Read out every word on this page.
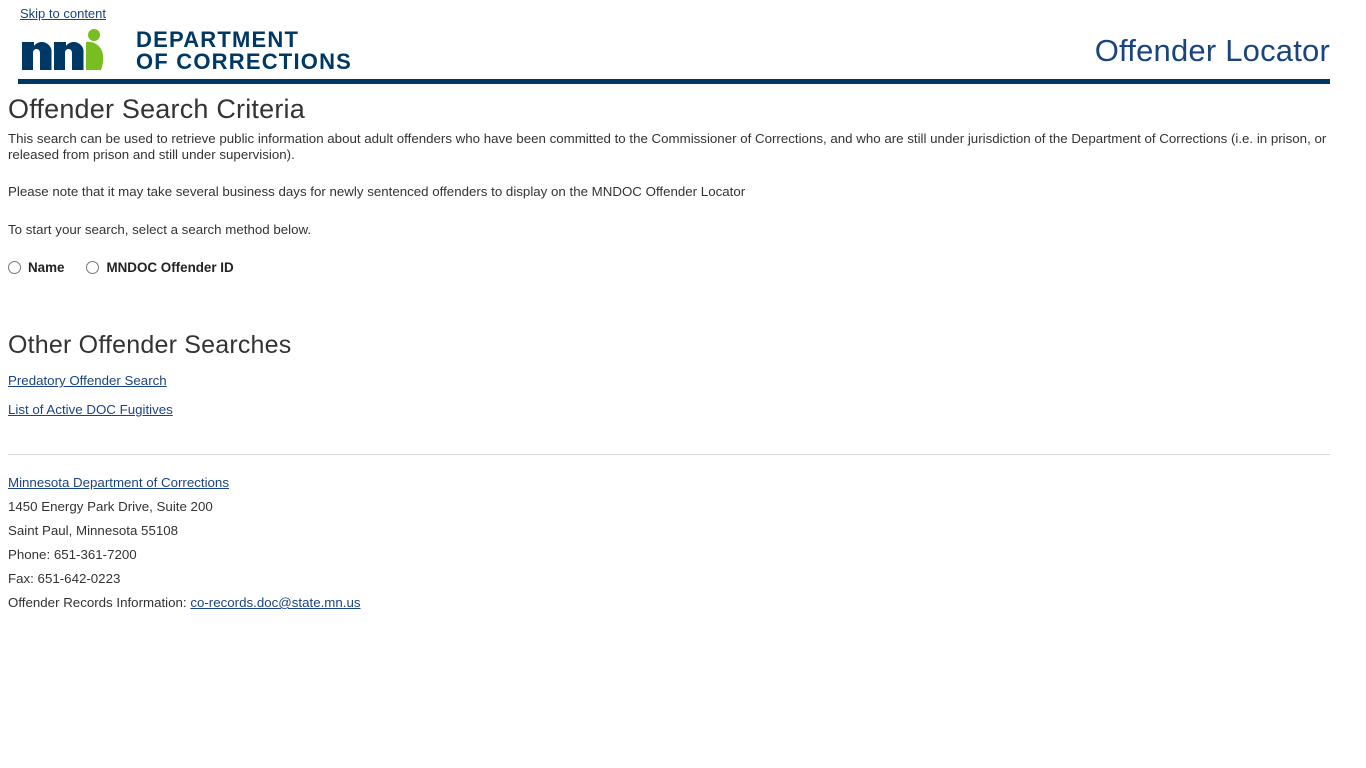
Skip to content
DEPARTMENT
OF CORRECTIONS	Offender Locator
Offender Search Criteria

This search can be used to retrieve public information about adult offenders who have been committed to the Commissioner of Corrections, and who are still under jurisdiction of the Department of Corrections (i.e. in prison, or released from prison and still under supervision).

Please note that it may take several business days for newly sentenced offenders to display on the MNDOC Offender Locator

To start your search, select a search method below.

Name	MNDOC Offender ID
Other Offender Searches
Predatory Offender Search
List of Active DOC Fugitives
Minnesota Department of Corrections
1450 Energy Park Drive, Suite 200
Saint Paul, Minnesota 55108
Phone: 651-361-7200
Fax: 651-642-0223
Offender Records Information: co-records.doc@state.mn.us
